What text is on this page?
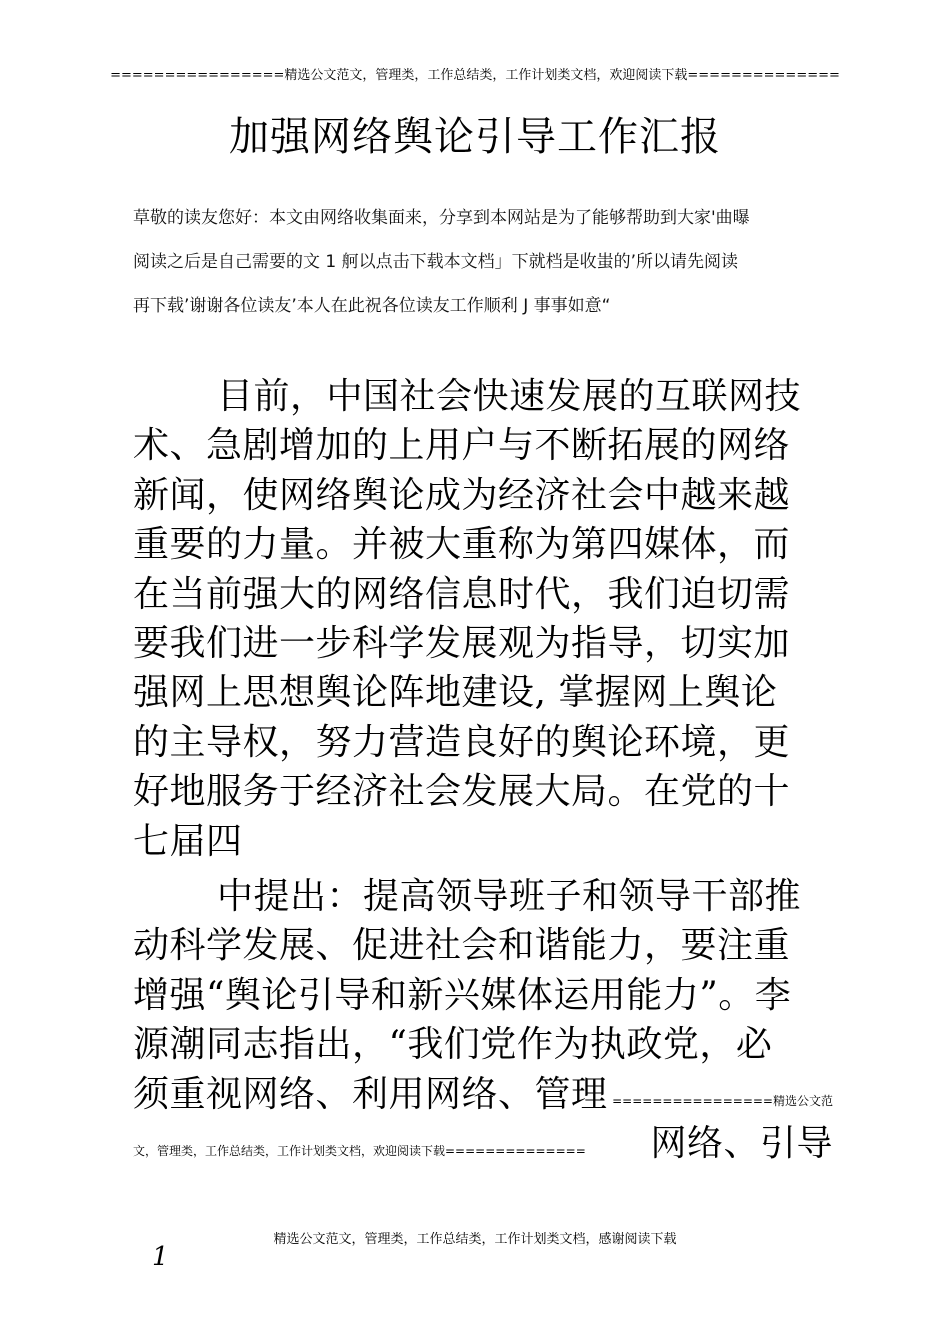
================精选公文范文，管理类，工作总结类，工作计划类文档，欢迎阅读下载==============
加强网络舆论引导工作汇报
草敬的读友您好：本文由网络收集面来，分享到本网站是为了能够帮助到大家'曲曝
阅读之后是自己需要的文 1 舸以点击下载本文档」下就档是收蚩的’所以请先阅读
再下载’谢谢各位读友’本人在此祝各位读友工作顺利 J 事事如意“
目前，中国社会快速发展的互联网技
术、急剧增加的上用户与不断拓展的网络
新闻，使网络舆论成为经济社会中越来越
重要的力量。并被大重称为第四媒体，而
在当前强大的网络信息时代，我们迫切需
要我们进一步科学发展观为指导，切实加
强网上思想舆论阵地建设, 掌握网上舆论
的主导权，努力营造良好的舆论环境，更
好地服务于经济社会发展大局。在党的十
七届四
中提出：提高领导班子和领导干部推
动科学发展、促进社会和谐能力，要注重
增强“舆论引导和新兴媒体运用能力”。李
源潮同志指出，“我们党作为执政党，必
须重视网络、利用网络、管理 ================精选公文范
文，管理类，工作总结类，工作计划类文档，欢迎阅读下载============== 网络、引导
精选公文范文，管理类，工作总结类，工作计划类文档，感谢阅读下载
1
